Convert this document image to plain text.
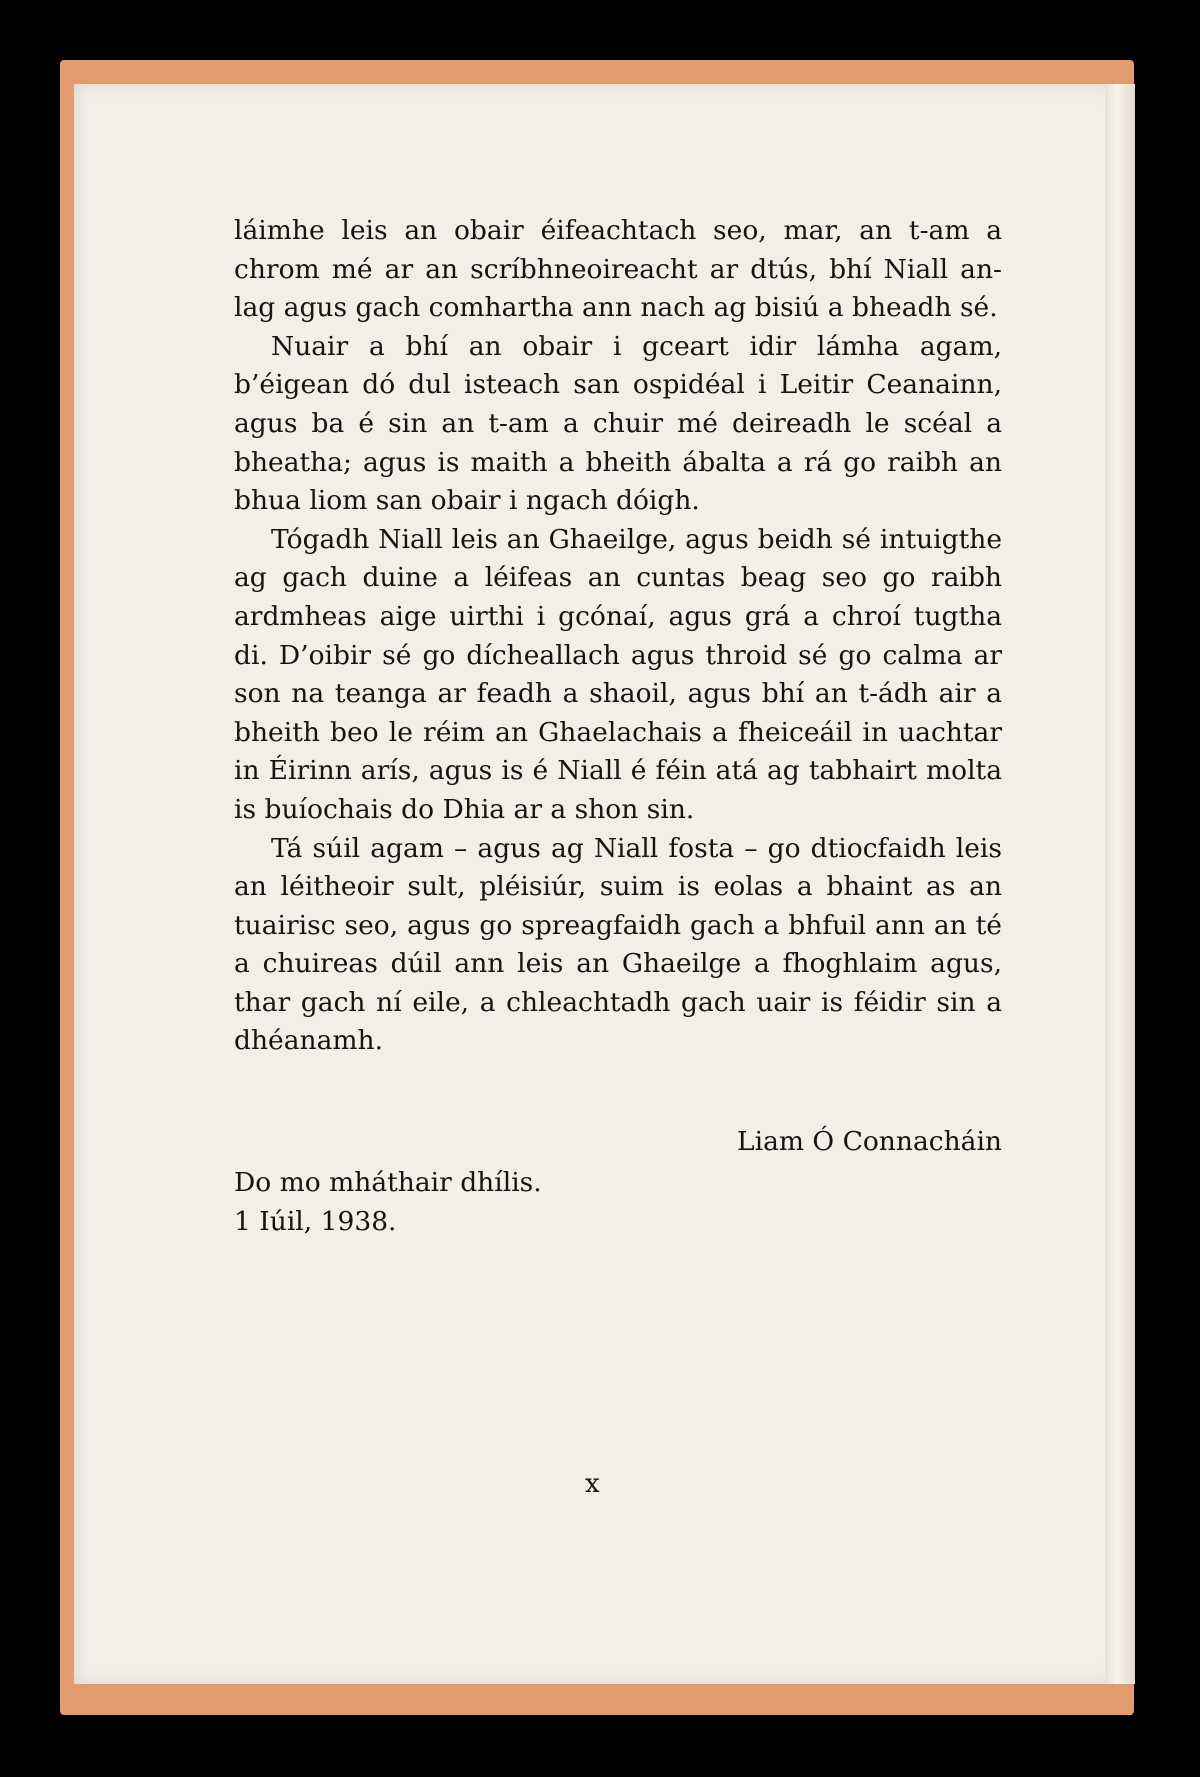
láimhe leis an obair éifeachtach seo, mar, an t-am a chrom mé ar an scríbhneoireacht ar dtús, bhí Niall an-lag agus gach comhartha ann nach ag bisiú a bheadh sé.

Nuair a bhí an obair i gceart idir lámha agam, b’éigean dó dul isteach san ospidéal i Leitir Ceanainn, agus ba é sin an t-am a chuir mé deireadh le scéal a bheatha; agus is maith a bheith ábalta a rá go raibh an bhua liom san obair i ngach dóigh.

Tógadh Niall leis an Ghaeilge, agus beidh sé intuigthe ag gach duine a léifeas an cuntas beag seo go raibh ardmheas aige uirthi i gcónaí, agus grá a chroí tugtha di. D’oibir sé go dícheallach agus throid sé go calma ar son na teanga ar feadh a shaoil, agus bhí an t-ádh air a bheith beo le réim an Ghaelachais a fheiceáil in uachtar in Éirinn arís, agus is é Niall é féin atá ag tabhairt molta is buíochais do Dhia ar a shon sin.

Tá súil agam – agus ag Niall fosta – go dtiocfaidh leis an léitheoir sult, pléisiúr, suim is eolas a bhaint as an tuairisc seo, agus go spreagfaidh gach a bhfuil ann an té a chuireas dúil ann leis an Ghaeilge a fhoghlaim agus, thar gach ní eile, a chleachtadh gach uair is féidir sin a dhéanamh.

Liam Ó Connacháin
Do mo mháthair dhílis.
1 Iúil, 1938.
x
